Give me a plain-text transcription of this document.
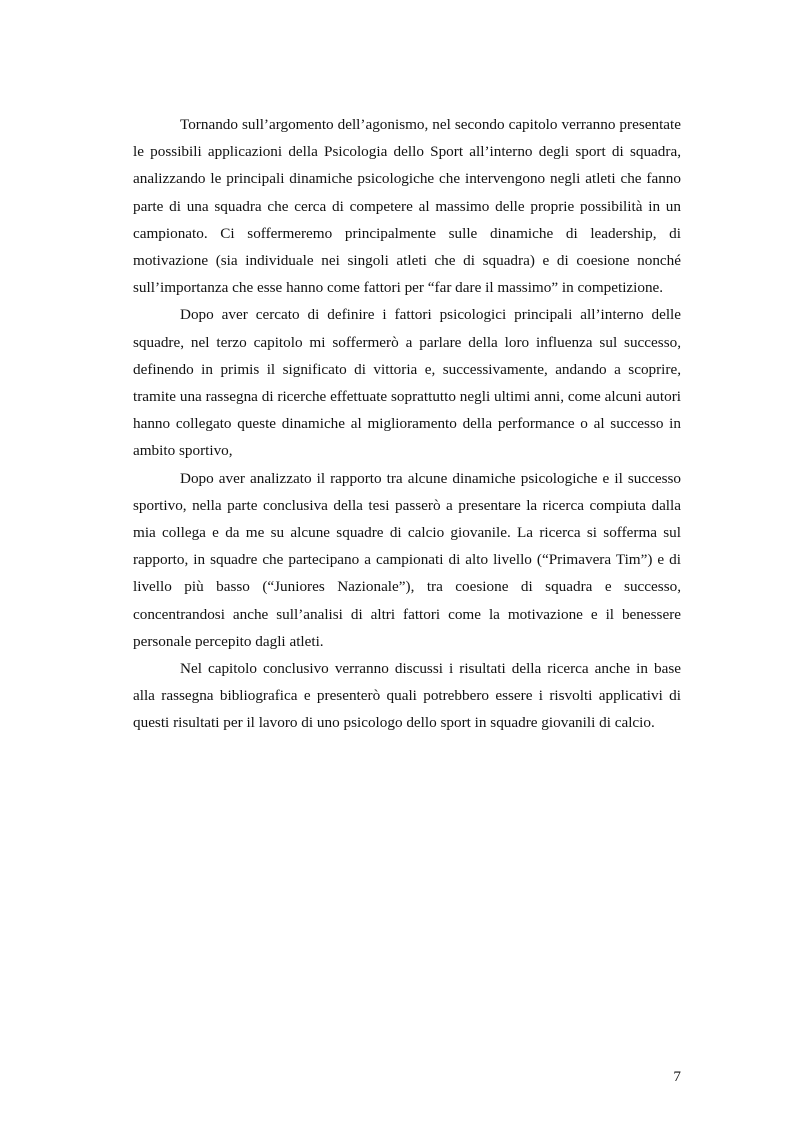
Tornando sull’argomento dell’agonismo, nel secondo capitolo verranno presentate le possibili applicazioni della Psicologia dello Sport all’interno degli sport di squadra, analizzando le principali dinamiche psicologiche che intervengono negli atleti che fanno parte di una squadra che cerca di competere al massimo delle proprie possibilità in un campionato. Ci soffermeremo principalmente sulle dinamiche di leadership, di motivazione (sia individuale nei singoli atleti che di squadra) e di coesione nonché sull’importanza che esse hanno come fattori per “far dare il massimo” in competizione.

Dopo aver cercato di definire i fattori psicologici principali all’interno delle squadre, nel terzo capitolo mi soffermerò a parlare della loro influenza sul successo, definendo in primis il significato di vittoria e, successivamente, andando a scoprire, tramite una rassegna di ricerche effettuate soprattutto negli ultimi anni, come alcuni autori hanno collegato queste dinamiche al miglioramento della performance o al successo in ambito sportivo,

Dopo aver analizzato il rapporto tra alcune dinamiche psicologiche e il successo sportivo, nella parte conclusiva della tesi passerò a presentare la ricerca compiuta dalla mia collega e da me su alcune squadre di calcio giovanile. La ricerca si sofferma sul rapporto, in squadre che partecipano a campionati di alto livello (“Primavera Tim”) e di livello più basso (“Juniores Nazionale”), tra coesione di squadra e successo, concentrandosi anche sull’analisi di altri fattori come la motivazione e il benessere personale percepito dagli atleti.

Nel capitolo conclusivo verranno discussi i risultati della ricerca anche in base alla rassegna bibliografica e presenterò quali potrebbero essere i risvolti applicativi di questi risultati per il lavoro di uno psicologo dello sport in squadre giovanili di calcio.

7
